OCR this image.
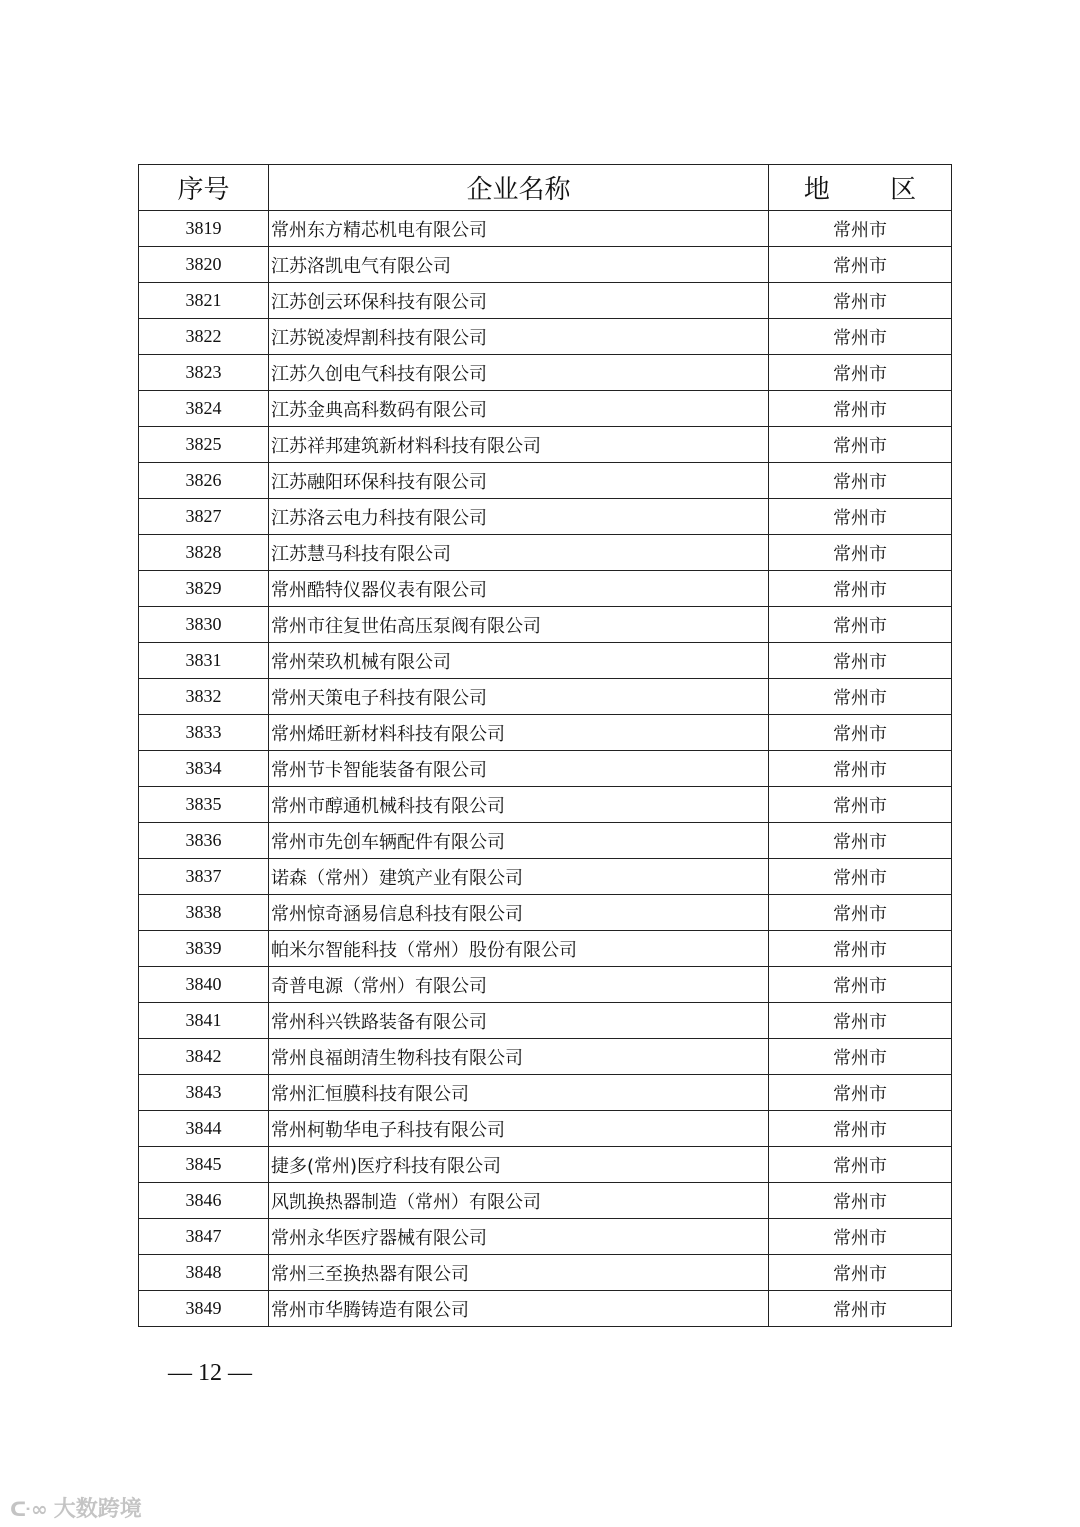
序号	企业名称	地 区
3819	常州东方精芯机电有限公司	常州市
3820	江苏洛凯电气有限公司	常州市
3821	江苏创云环保科技有限公司	常州市
3822	江苏锐凌焊割科技有限公司	常州市
3823	江苏久创电气科技有限公司	常州市
3824	江苏金典高科数码有限公司	常州市
3825	江苏祥邦建筑新材料科技有限公司	常州市
3826	江苏融阳环保科技有限公司	常州市
3827	江苏洛云电力科技有限公司	常州市
3828	江苏慧马科技有限公司	常州市
3829	常州酷特仪器仪表有限公司	常州市
3830	常州市往复世佑高压泵阀有限公司	常州市
3831	常州荣玖机械有限公司	常州市
3832	常州天策电子科技有限公司	常州市
3833	常州烯旺新材料科技有限公司	常州市
3834	常州节卡智能装备有限公司	常州市
3835	常州市醇通机械科技有限公司	常州市
3836	常州市先创车辆配件有限公司	常州市
3837	诺森（常州）建筑产业有限公司	常州市
3838	常州惊奇涵易信息科技有限公司	常州市
3839	帕米尔智能科技（常州）股份有限公司	常州市
3840	奇普电源（常州）有限公司	常州市
3841	常州科兴铁路装备有限公司	常州市
3842	常州良福朗清生物科技有限公司	常州市
3843	常州汇恒膜科技有限公司	常州市
3844	常州柯勒华电子科技有限公司	常州市
3845	捷多(常州)医疗科技有限公司	常州市
3846	风凯换热器制造（常州）有限公司	常州市
3847	常州永华医疗器械有限公司	常州市
3848	常州三至换热器有限公司	常州市
3849	常州市华腾铸造有限公司	常州市
— 12 —
ᑢ∞ 大数跨境
